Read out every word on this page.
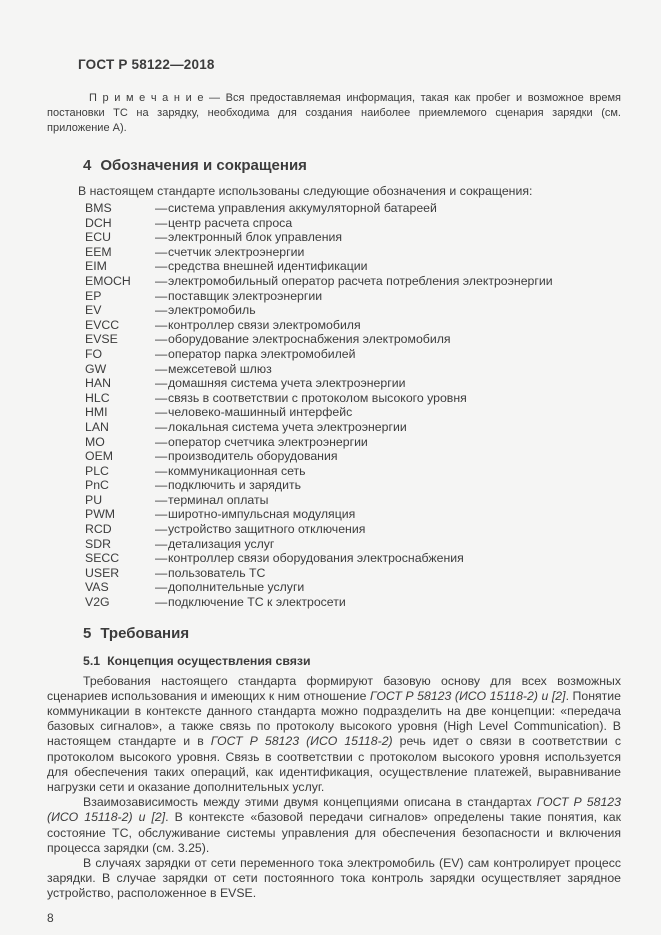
ГОСТ Р 58122—2018

П р и м е ч а н и е — Вся предоставляемая информация, такая как пробег и возможное время постановки ТС на зарядку, необходима для создания наиболее приемлемого сценария зарядки (см. приложение А).

4 Обозначения и сокращения

В настоящем стандарте использованы следующие обозначения и сокращения:

BMS	— система управления аккумуляторной батареей
DCH	— центр расчета спроса
ECU	— электронный блок управления
EEM	— счетчик электроэнергии
EIM	— средства внешней идентификации
EMOCH	— электромобильный оператор расчета потребления электроэнергии
EP	— поставщик электроэнергии
EV	— электромобиль
EVCC	— контроллер связи электромобиля
EVSE	— оборудование электроснабжения электромобиля
FO	— оператор парка электромобилей
GW	— межсетевой шлюз
HAN	— домашняя система учета электроэнергии
HLC	— связь в соответствии с протоколом высокого уровня
HMI	— человеко-машинный интерфейс
LAN	— локальная система учета электроэнергии
MO	— оператор счетчика электроэнергии
OEM	— производитель оборудования
PLC	— коммуникационная сеть
PnC	— подключить и зарядить
PU	— терминал оплаты
PWM	— широтно-импульсная модуляция
RCD	— устройство защитного отключения
SDR	— детализация услуг
SECC	— контроллер связи оборудования электроснабжения
USER	— пользователь ТС
VAS	— дополнительные услуги
V2G	— подключение ТС к электросети
5 Требования
5.1 Концепция осуществления связи

Требования настоящего стандарта формируют базовую основу для всех возможных сценариев использования и имеющих к ним отношение ГОСТ Р 58123 (ИСО 15118-2) и [2]. Понятие коммуникации в контексте данного стандарта можно подразделить на две концепции: «передача базовых сигналов», а также связь по протоколу высокого уровня (High Level Communication). В настоящем стандарте и в ГОСТ Р 58123 (ИСО 15118-2) речь идет о связи в соответствии с протоколом высокого уровня. Связь в соответствии с протоколом высокого уровня используется для обеспечения таких операций, как идентификация, осуществление платежей, выравнивание нагрузки сети и оказание дополнительных услуг.

Взаимозависимость между этими двумя концепциями описана в стандартах ГОСТ Р 58123 (ИСО 15118-2) и [2]. В контексте «базовой передачи сигналов» определены такие понятия, как состояние ТС, обслуживание системы управления для обеспечения безопасности и включения процесса зарядки (см. 3.25).

В случаях зарядки от сети переменного тока электромобиль (EV) сам контролирует процесс зарядки. В случае зарядки от сети постоянного тока контроль зарядки осуществляет зарядное устройство, расположенное в EVSE.

8
